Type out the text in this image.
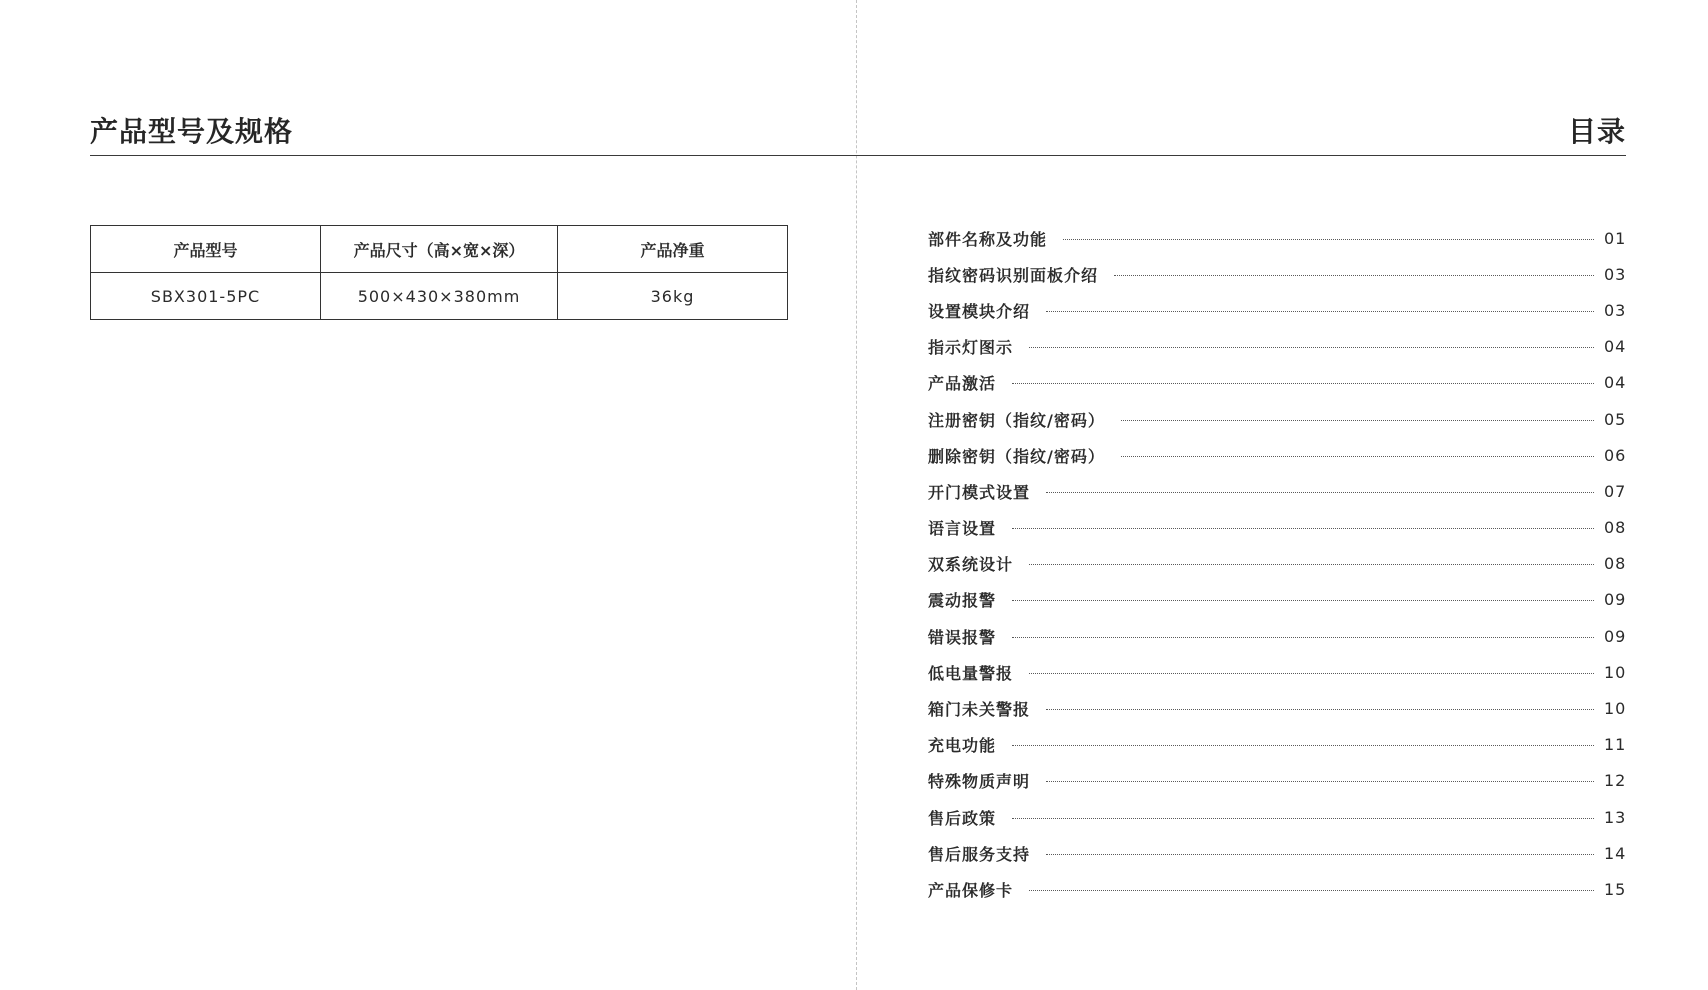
产品型号及规格	目录
产品型号	产品尺寸（高×宽×深）	产品净重
SBX301-5PC	500×430×380mm	36kg
部件名称及功能	01
指纹密码识别面板介绍	03
设置模块介绍	03
指示灯图示	04
产品激活	04
注册密钥（指纹/密码）	05
删除密钥（指纹/密码）	06
开门模式设置	07
语言设置	08
双系统设计	08
震动报警	09
错误报警	09
低电量警报	10
箱门未关警报	10
充电功能	11
特殊物质声明	12
售后政策	13
售后服务支持	14
产品保修卡	15
